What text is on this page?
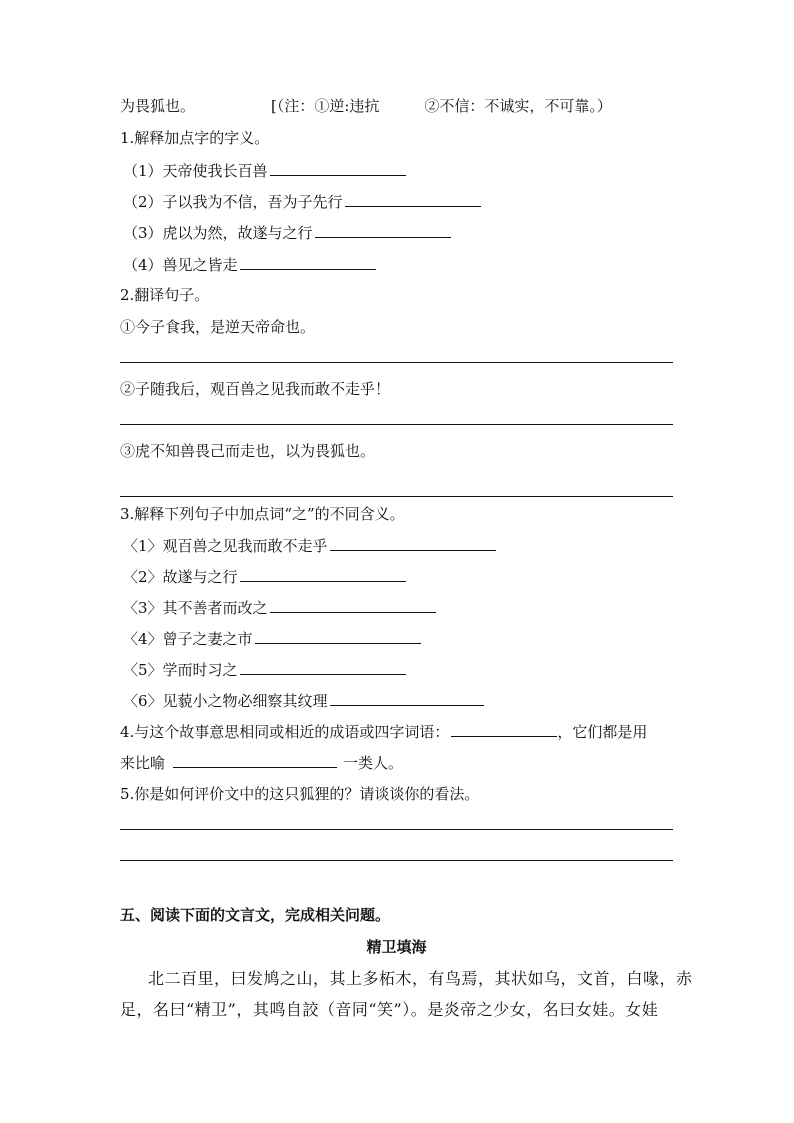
为畏狐也。	[（注：①逆:违抗　　　②不信：不诚实，不可靠。）
1.解释加点字的字义。
（1）天帝使我长百兽
（2）子以我为不信，吾为子先行
（3）虎以为然，故遂与之行
（4）兽见之皆走
2.翻译句子。
①今子食我，是逆天帝命也。
②子随我后，观百兽之见我而敢不走乎！
③虎不知兽畏己而走也，以为畏狐也。
3.解释下列句子中加点词“之”的不同含义。
〈1〉观百兽之见我而敢不走乎
〈2〉故遂与之行
〈3〉其不善者而改之
〈4〉曾子之妻之市
〈5〉学而时习之
〈6〉见藐小之物必细察其纹理
4.与这个故事意思相同或相近的成语或四字词语：	，它们都是用
来比喻	一类人。
5.你是如何评价文中的这只狐狸的？请谈谈你的看法。
五、阅读下面的文言文，完成相关问题。
精卫填海
北二百里，曰发鸠之山，其上多柘木，有鸟焉，其状如乌，文首，白喙，赤
足，名曰“精卫”，其鸣自詨（音同“笑”）。是炎帝之少女，名曰女娃。女娃
